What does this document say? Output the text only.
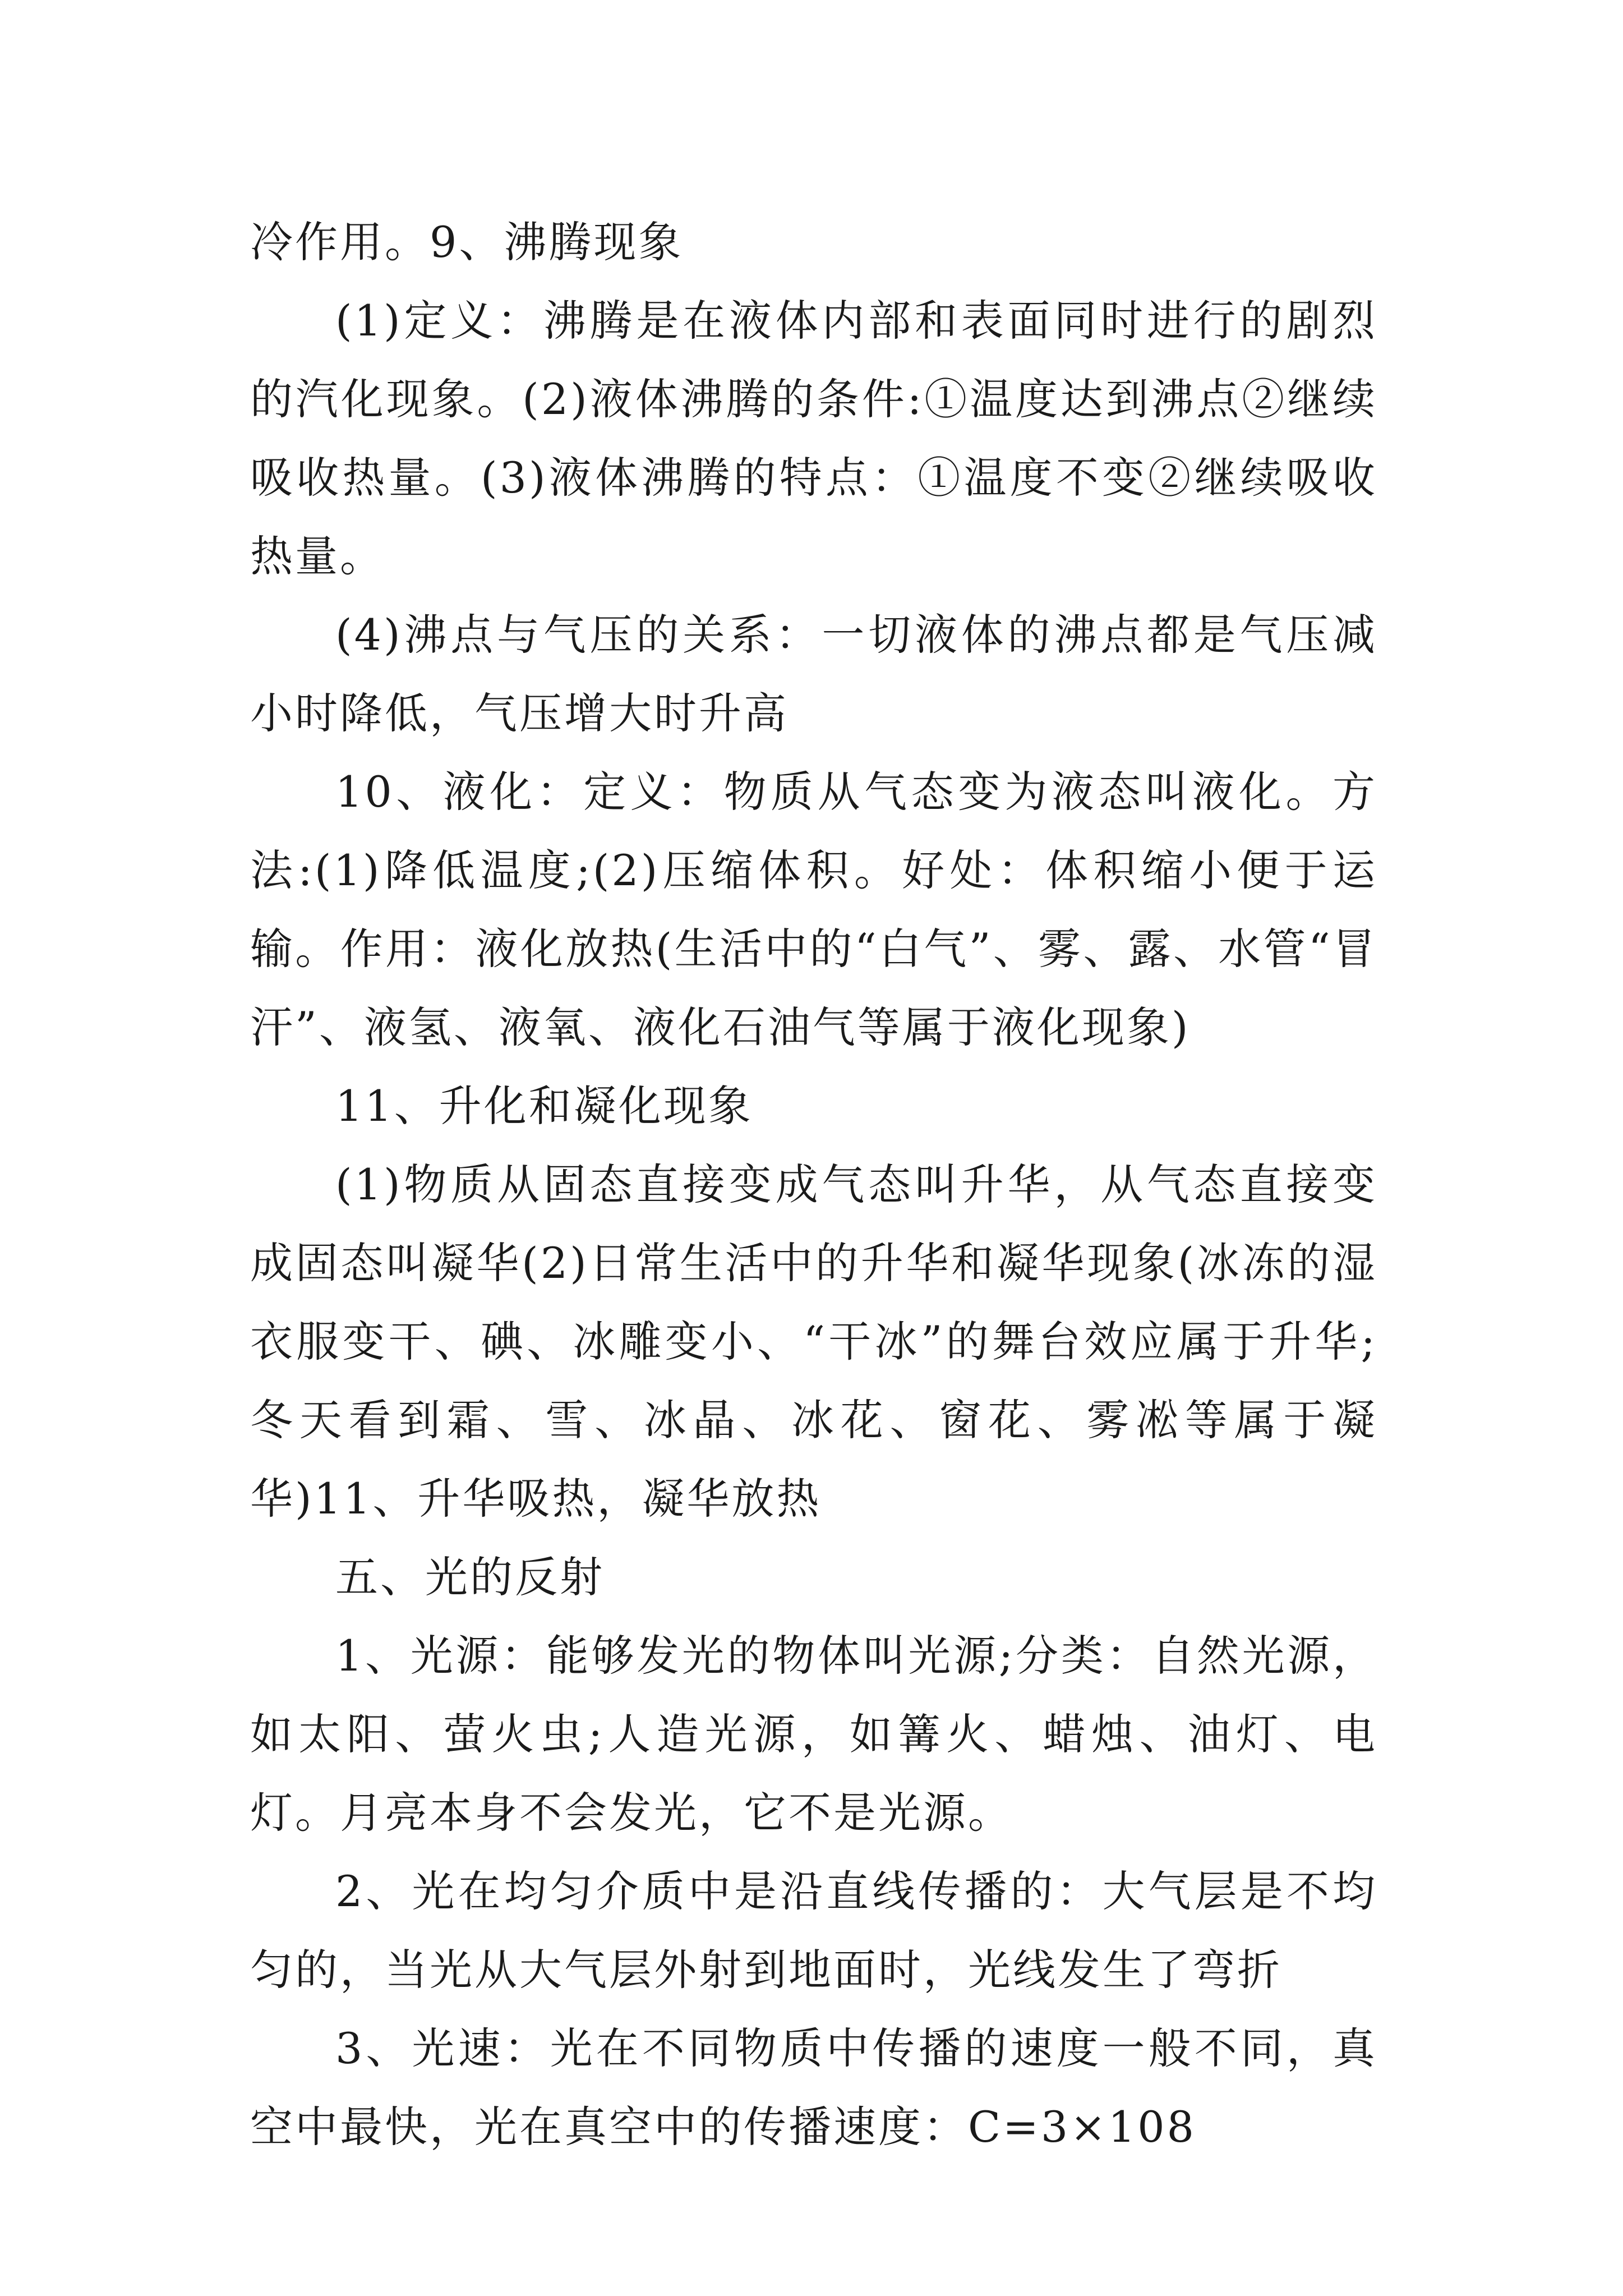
冷作用。9、沸腾现象

(1)定义：沸腾是在液体内部和表面同时进行的剧烈的汽化现象。(2)液体沸腾的条件:①温度达到沸点②继续吸收热量。(3)液体沸腾的特点：①温度不变②继续吸收热量。

(4)沸点与气压的关系：一切液体的沸点都是气压减小时降低，气压增大时升高

10、液化：定义：物质从气态变为液态叫液化。方法:(1)降低温度;(2)压缩体积。好处：体积缩小便于运输。作用：液化放热(生活中的“白气”、雾、露、水管“冒汗”、液氢、液氧、液化石油气等属于液化现象)

11、升化和凝化现象

(1)物质从固态直接变成气态叫升华，从气态直接变成固态叫凝华(2)日常生活中的升华和凝华现象(冰冻的湿衣服变干、碘、冰雕变小、“干冰”的舞台效应属于升华;冬天看到霜、雪、冰晶、冰花、窗花、雾凇等属于凝华)11、升华吸热，凝华放热

五、光的反射

1、光源：能够发光的物体叫光源;分类：自然光源，如太阳、萤火虫;人造光源，如篝火、蜡烛、油灯、电灯。月亮本身不会发光，它不是光源。

2、光在均匀介质中是沿直线传播的：大气层是不均匀的，当光从大气层外射到地面时，光线发生了弯折

3、光速：光在不同物质中传播的速度一般不同，真空中最快，光在真空中的传播速度：C=3×108
